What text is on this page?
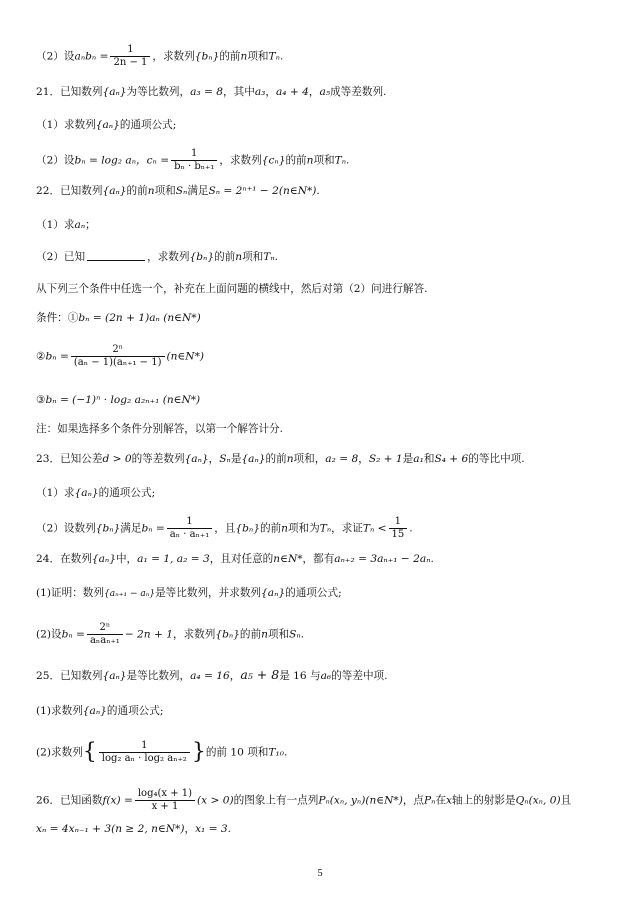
（2）设$a_nb_n = \frac{1}{2n - 1}$ ，求数列{bₙ}的前n项和Tₙ.
21．已知数列{aₙ}为等比数列，a₃ = 8，其中a₃，a₄ + 4，a₅成等差数列.
（1）求数列{aₙ}的通项公式;
（2）设bₙ = log₂ aₙ，$c_n = \frac{1}{\text{bₙ · bₙ₊₁}}$ ，求数列{cₙ}的前n项和Tₙ.
22．已知数列{aₙ}的前n项和Sₙ满足Sₙ = 2ⁿ⁺¹ − 2(n∈N*).
（1）求aₙ；
（2）已知	，求数列{bₙ}的前n项和Tₙ.
从下列三个条件中任选一个，补充在上面问题的横线中，然后对第（2）问进行解答.
条件：①bₙ = (2n + 1)aₙ (n∈N*)
②bₙ = $\frac{\text{2ⁿ}}{\text{(aₙ − 1)(aₙ₊₁ − 1)}}$ (n∈N*)
③bₙ = (−1)ⁿ · log₂ a₂ₙ₊₁ (n∈N*)
注：如果选择多个条件分别解答，以第一个解答计分.
23．已知公差d > 0的等差数列{aₙ}，Sₙ是{aₙ}的前n项和，a₂ = 8，S₂ + 1是a₁和S₄ + 6的等比中项.
（1）求{aₙ}的通项公式;
（2）设数列{bₙ}满足$b_n = \frac{1}{\text{aₙ · aₙ₊₁}}$ ，且{bₙ}的前n项和为Tₙ，求证$T_n < \frac{1}{15}$ .
24．在数列{aₙ}中，a₁ = 1, a₂ = 3，且对任意的n∈N*，都有aₙ₊₂ = 3aₙ₊₁ − 2aₙ.
(1)证明：数列{aₙ₊₁ − aₙ}是等比数列，并求数列{aₙ}的通项公式;
(2)设$b_n = \frac{\text{2ⁿ}}{\text{aₙaₙ₊₁}} - 2n + 1$，求数列{bₙ}的前n项和Sₙ.
25．已知数列{aₙ}是等比数列，a₄ = 16，a₅ + 8是 16 与a₆的等差中项.
(1)求数列{aₙ}的通项公式;
(2)求数列{ $\frac{1}{\text{log₂ aₙ · log₂ aₙ₊₂}}$ }的前 10 项和T₁₀.
26．已知函数$f(x) = \frac{\text{log₄(x + 1)}}{x + 1} (x > 0)$的图象上有一点列Pₙ(xₙ, yₙ)(n∈N*)，点Pₙ在x轴上的射影是Qₙ(xₙ, 0)且
xₙ = 4xₙ₋₁ + 3(n ≥ 2, n∈N*)，x₁ = 3.
5
